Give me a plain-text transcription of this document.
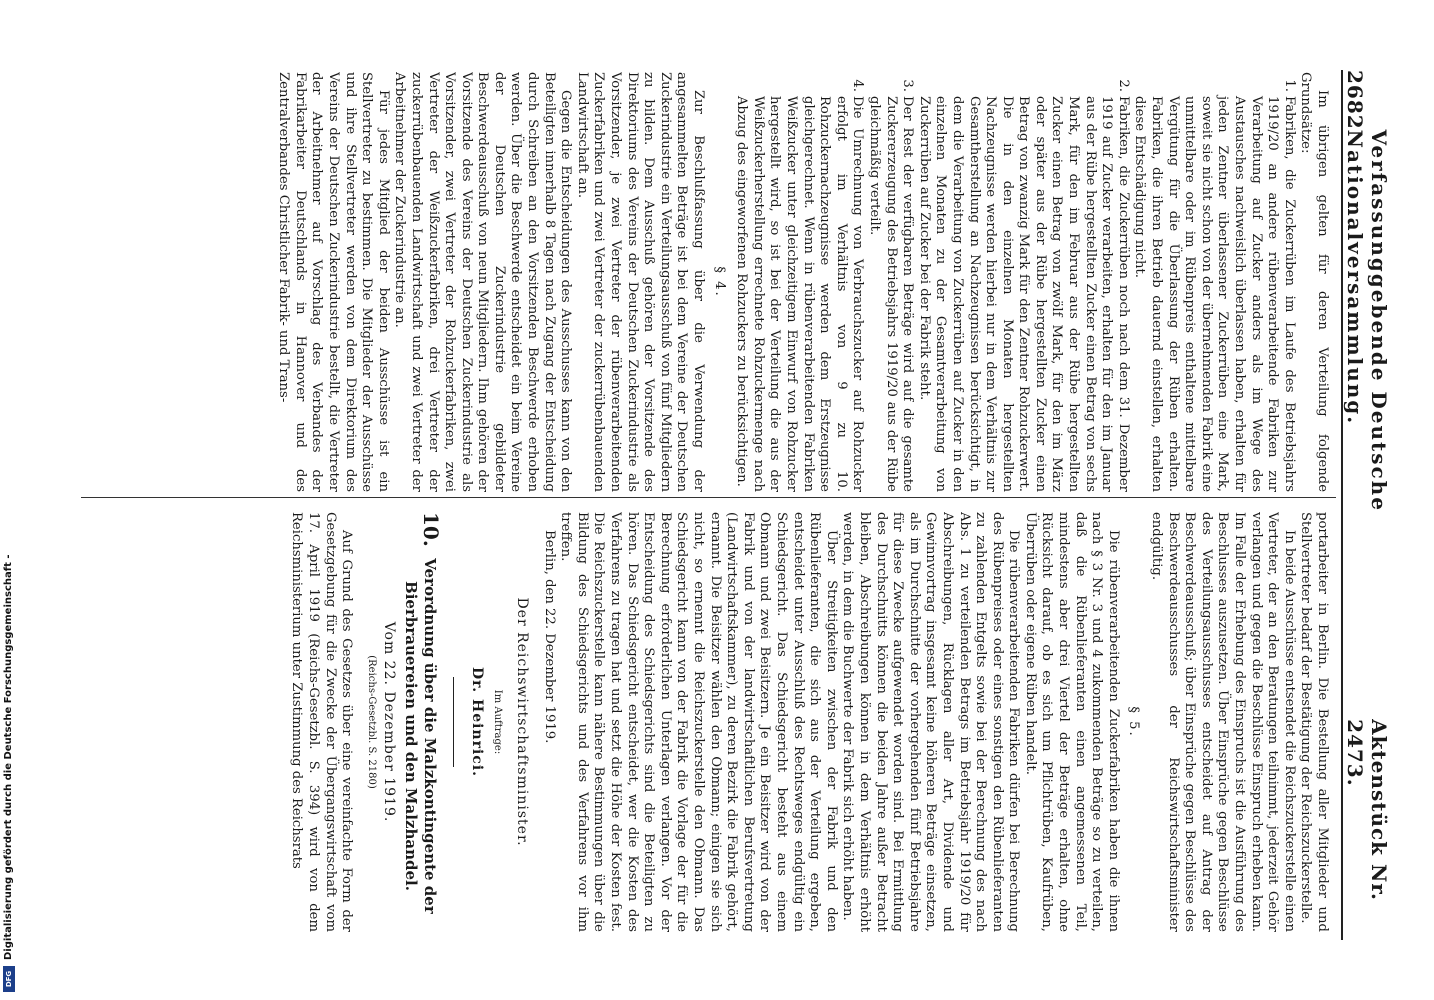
2682
Verfassunggebende Deutsche Nationalversammlung.
Aktenstück Nr. 2473.

Im übrigen gelten für deren Verteilung folgende Grundsätze:

1.
Fabriken, die Zuckerrüben im Laufe des Betriebsjahrs 1919/20 an andere rübenverarbeitende Fabriken zur Verarbeitung auf Zucker anders als im Wege des Austausches nachweislich überlassen haben, erhalten für jeden Zentner überlassener Zuckerrüben eine Mark, soweit sie nicht schon von der übernehmenden Fabrik eine unmittelbare oder im Rübenpreis enthaltene mittelbare Vergütung für die Überlassung der Rüben erhalten. Fabriken, die ihren Betrieb dauernd einstellen, erhalten diese Entschädigung nicht.
2.
Fabriken, die Zuckerrüben noch nach dem 31. Dezember 1919 auf Zucker verarbeiten, erhalten für den im Januar aus der Rübe hergestellten Zucker einen Betrag von sechs Mark, für den im Februar aus der Rübe hergestellten Zucker einen Betrag von zwölf Mark, für den im März oder später aus der Rübe hergestellten Zucker einen Betrag von zwanzig Mark für den Zentner Rohzuckerwert. Die in den einzelnen Monaten hergestellten Nachzeugnisse werden hierbei nur in dem Verhältnis zur Gesamtherstellung an Nachzeugnissen berücksichtigt, in dem die Verarbeitung von Zuckerrüben auf Zucker in den einzelnen Monaten zu der Gesamtverarbeitung von Zuckerrüben auf Zucker bei der Fabrik steht.
3.
Der Rest der verfügbaren Beträge wird auf die gesamte Zuckererzeugung des Betriebsjahrs 1919/20 aus der Rübe gleichmäßig verteilt.
4.
Die Umrechnung von Verbrauchszucker auf Rohzucker erfolgt im Verhältnis von 9 zu 10. Rohzuckernachzeugnisse werden dem Erstzeugnisse gleichgerechnet. Wenn in rübenverarbeitenden Fabriken Weißzucker unter gleichzeitigem Einwurf von Rohzucker hergestellt wird, so ist bei der Verteilung die aus der Weißzuckerherstellung errechnete Rohzuckermenge nach Abzug des eingeworfenen Rohzuckers zu berücksichtigen.
§ 4.

Zur Beschlußfassung über die Verwendung der angesammelten Beträge ist bei dem Vereine der Deutschen Zuckerindustrie ein Verteilungsausschuß von fünf Mitgliedern zu bilden. Dem Ausschuß gehören der Vorsitzende des Direktoriums des Vereins der Deutschen Zuckerindustrie als Vorsitzender, je zwei Vertreter der rübenverarbeitenden Zuckerfabriken und zwei Vertreter der zuckerrübenbauenden Landwirtschaft an.

Gegen die Entscheidungen des Ausschusses kann von den Beteiligten innerhalb 8 Tagen nach Zugang der Entscheidung durch Schreiben an den Vorsitzenden Beschwerde erhoben werden. Über die Beschwerde entscheidet ein beim Vereine der Deutschen Zuckerindustrie gebildeter Beschwerdeausschuß von neun Mitgliedern. Ihm gehören der Vorsitzende des Vereins der Deutschen Zuckerindustrie als Vorsitzender, zwei Vertreter der Rohzuckerfabriken, zwei Vertreter der Weißzuckerfabriken, drei Vertreter der zuckerrübenbauenden Landwirtschaft und zwei Vertreter der Arbeitnehmer der Zuckerindustrie an.

Für jedes Mitglied der beiden Ausschüsse ist ein Stellvertreter zu bestimmen. Die Mitglieder der Ausschüsse und ihre Stellvertreter werden von dem Direktorium des Vereins der Deutschen Zuckerindustrie bestellt, die Vertreter der Arbeitnehmer auf Vorschlag des Verbandes der Fabrikarbeiter Deutschlands in Hannover und des Zentralverbandes Christlicher Fabrik- und Trans-

portarbeiter in Berlin. Die Bestellung aller Mitglieder und Stellvertreter bedarf der Bestätigung der Reichszuckerstelle.

In beide Ausschüsse entsendet die Reichszuckerstelle einen Vertreter, der an den Beratungen teilnimmt, jederzeit Gehör verlangen und gegen die Beschlüsse Einspruch erheben kann. Im Falle der Erhebung des Einspruchs ist die Ausführung des Beschlusses auszusetzen. Über Einsprüche gegen Beschlüsse des Verteilungsausschusses entscheidet auf Antrag der Beschwerdeausschuß; über Einsprüche gegen Beschlüsse des Beschwerdeausschusses der Reichswirtschaftsminister endgültig.

§ 5.

Die rübenverarbeitenden Zuckerfabriken haben die ihnen nach § 3 Nr. 3 und 4 zukommenden Beträge so zu verteilen, daß die Rübenlieferanten einen angemessenen Teil, mindestens aber drei Viertel der Beträge erhalten, ohne Rücksicht darauf, ob es sich um Pflichtrüben, Kaufrüben, Überrüben oder eigene Rüben handelt.

Die rübenverarbeitenden Fabriken dürfen bei Berechnung des Rübenpreises oder eines sonstigen den Rübenlieferanten zu zahlenden Entgelts sowie bei der Berechnung des nach Abs. 1 zu verteilenden Betrags im Betriebsjahr 1919/20 für Abschreibungen, Rücklagen aller Art, Dividende und Gewinnvortrag insgesamt keine höheren Beträge einsetzen, als im Durchschnitte der vorhergehenden fünf Betriebsjahre für diese Zwecke aufgewendet worden sind. Bei Ermittlung des Durchschnitts können die beiden Jahre außer Betracht bleiben, Abschreibungen können in dem Verhältnis erhöht werden, in dem die Buchwerte der Fabrik sich erhöht haben.

Über Streitigkeiten zwischen der Fabrik und den Rübenlieferanten, die sich aus der Verteilung ergeben, entscheidet unter Ausschluß des Rechtsweges endgültig ein Schiedsgericht. Das Schiedsgericht besteht aus einem Obmann und zwei Beisitzern. Je ein Beisitzer wird von der Fabrik und von der landwirtschaftlichen Berufsvertretung (Landwirtschaftskammer), zu deren Bezirk die Fabrik gehört, ernannt. Die Beisitzer wählen den Obmann; einigen sie sich nicht, so ernennt die Reichszuckerstelle den Obmann. Das Schiedsgericht kann von der Fabrik die Vorlage der für die Berechnung erforderlichen Unterlagen verlangen. Vor der Entscheidung des Schiedsgerichts sind die Beteiligten zu hören. Das Schiedsgericht entscheidet, wer die Kosten des Verfahrens zu tragen hat und setzt die Höhe der Kosten fest. Die Reichszuckerstelle kann nähere Bestimmungen über die Bildung des Schiedsgerichts und des Verfahrens vor ihm treffen.

Berlin, den 22. Dezember 1919.

Der Reichswirtschaftsminister.
Im Auftrage:
Dr. Heinrici.
10.
Verordnung über die Malzkontingente der Bierbrauereien und den Malzhandel.
Vom 22. Dezember 1919.
(Reichs-Gesetzbl. S. 2180)

Auf Grund des Gesetzes über eine vereinfachte Form der Gesetzgebung für die Zwecke der Übergangswirtschaft vom 17. April 1919 (Reichs-Gesetzbl. S. 394) wird von dem Reichsministerium unter Zustimmung des Reichsrats

Digitalisierung gefördert durch die Deutsche Forschungsgemeinschaft -
DFG
